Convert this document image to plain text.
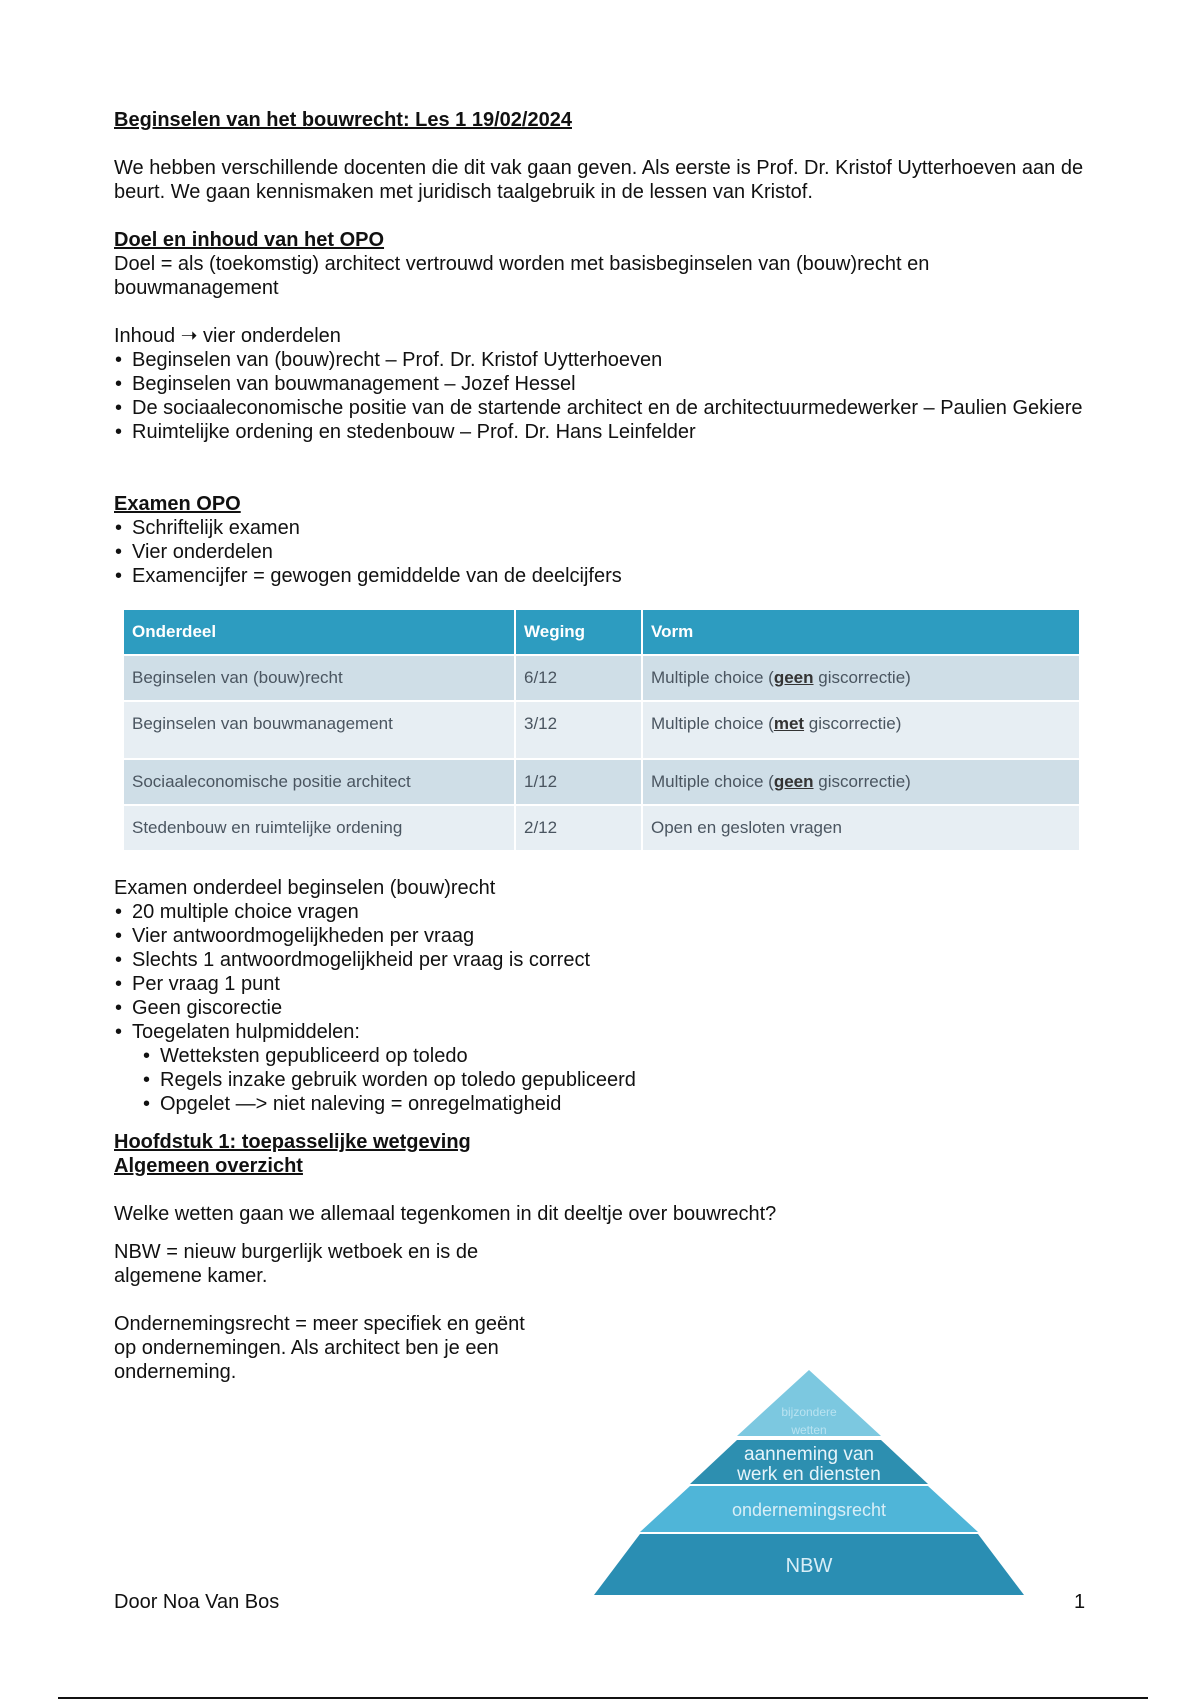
Beginselen van het bouwrecht: Les 1 19/02/2024

We hebben verschillende docenten die dit vak gaan geven. Als eerste is Prof. Dr. Kristof Uytterhoeven aan de beurt. We gaan kennismaken met juridisch taalgebruik in de lessen van Kristof.

Doel en inhoud van het OPO

Doel = als (toekomstig) architect vertrouwd worden met basisbeginselen van (bouw)recht en bouwmanagement

Inhoud ➝ vier onderdelen

• Beginselen van (bouw)recht – Prof. Dr. Kristof Uytterhoeven
• Beginselen van bouwmanagement – Jozef Hessel
• De sociaaleconomische positie van de startende architect en de architectuurmedewerker – Paulien Gekiere
• Ruimtelijke ordening en stedenbouw – Prof. Dr. Hans Leinfelder

Examen OPO

• Schriftelijk examen
• Vier onderdelen
• Examencijfer = gewogen gemiddelde van de deelcijfers
Onderdeel	Weging	Vorm
Beginselen van (bouw)recht	6/12	Multiple choice (geen giscorrectie)
Beginselen van bouwmanagement	3/12	Multiple choice (met giscorrectie)
Sociaaleconomische positie architect	1/12	Multiple choice (geen giscorrectie)
Stedenbouw en ruimtelijke ordening	2/12	Open en gesloten vragen

Examen onderdeel beginselen (bouw)recht

• 20 multiple choice vragen
• Vier antwoordmogelijkheden per vraag
• Slechts 1 antwoordmogelijkheid per vraag is correct
• Per vraag 1 punt
• Geen giscorectie
• Toegelaten hulpmiddelen:
• Wetteksten gepubliceerd op toledo
• Regels inzake gebruik worden op toledo gepubliceerd
• Opgelet —> niet naleving = onregelmatigheid

Hoofdstuk 1: toepasselijke wetgeving

Algemeen overzicht

Welke wetten gaan we allemaal tegenkomen in dit deeltje over bouwrecht?

NBW = nieuw burgerlijk wetboek en is de algemene kamer.

Ondernemingsrecht = meer specifiek en geënt op ondernemingen. Als architect ben je een onderneming.

bijzondere
wetten
aanneming van
werk en diensten
ondernemingsrecht
NBW
Door Noa Van Bos	1
